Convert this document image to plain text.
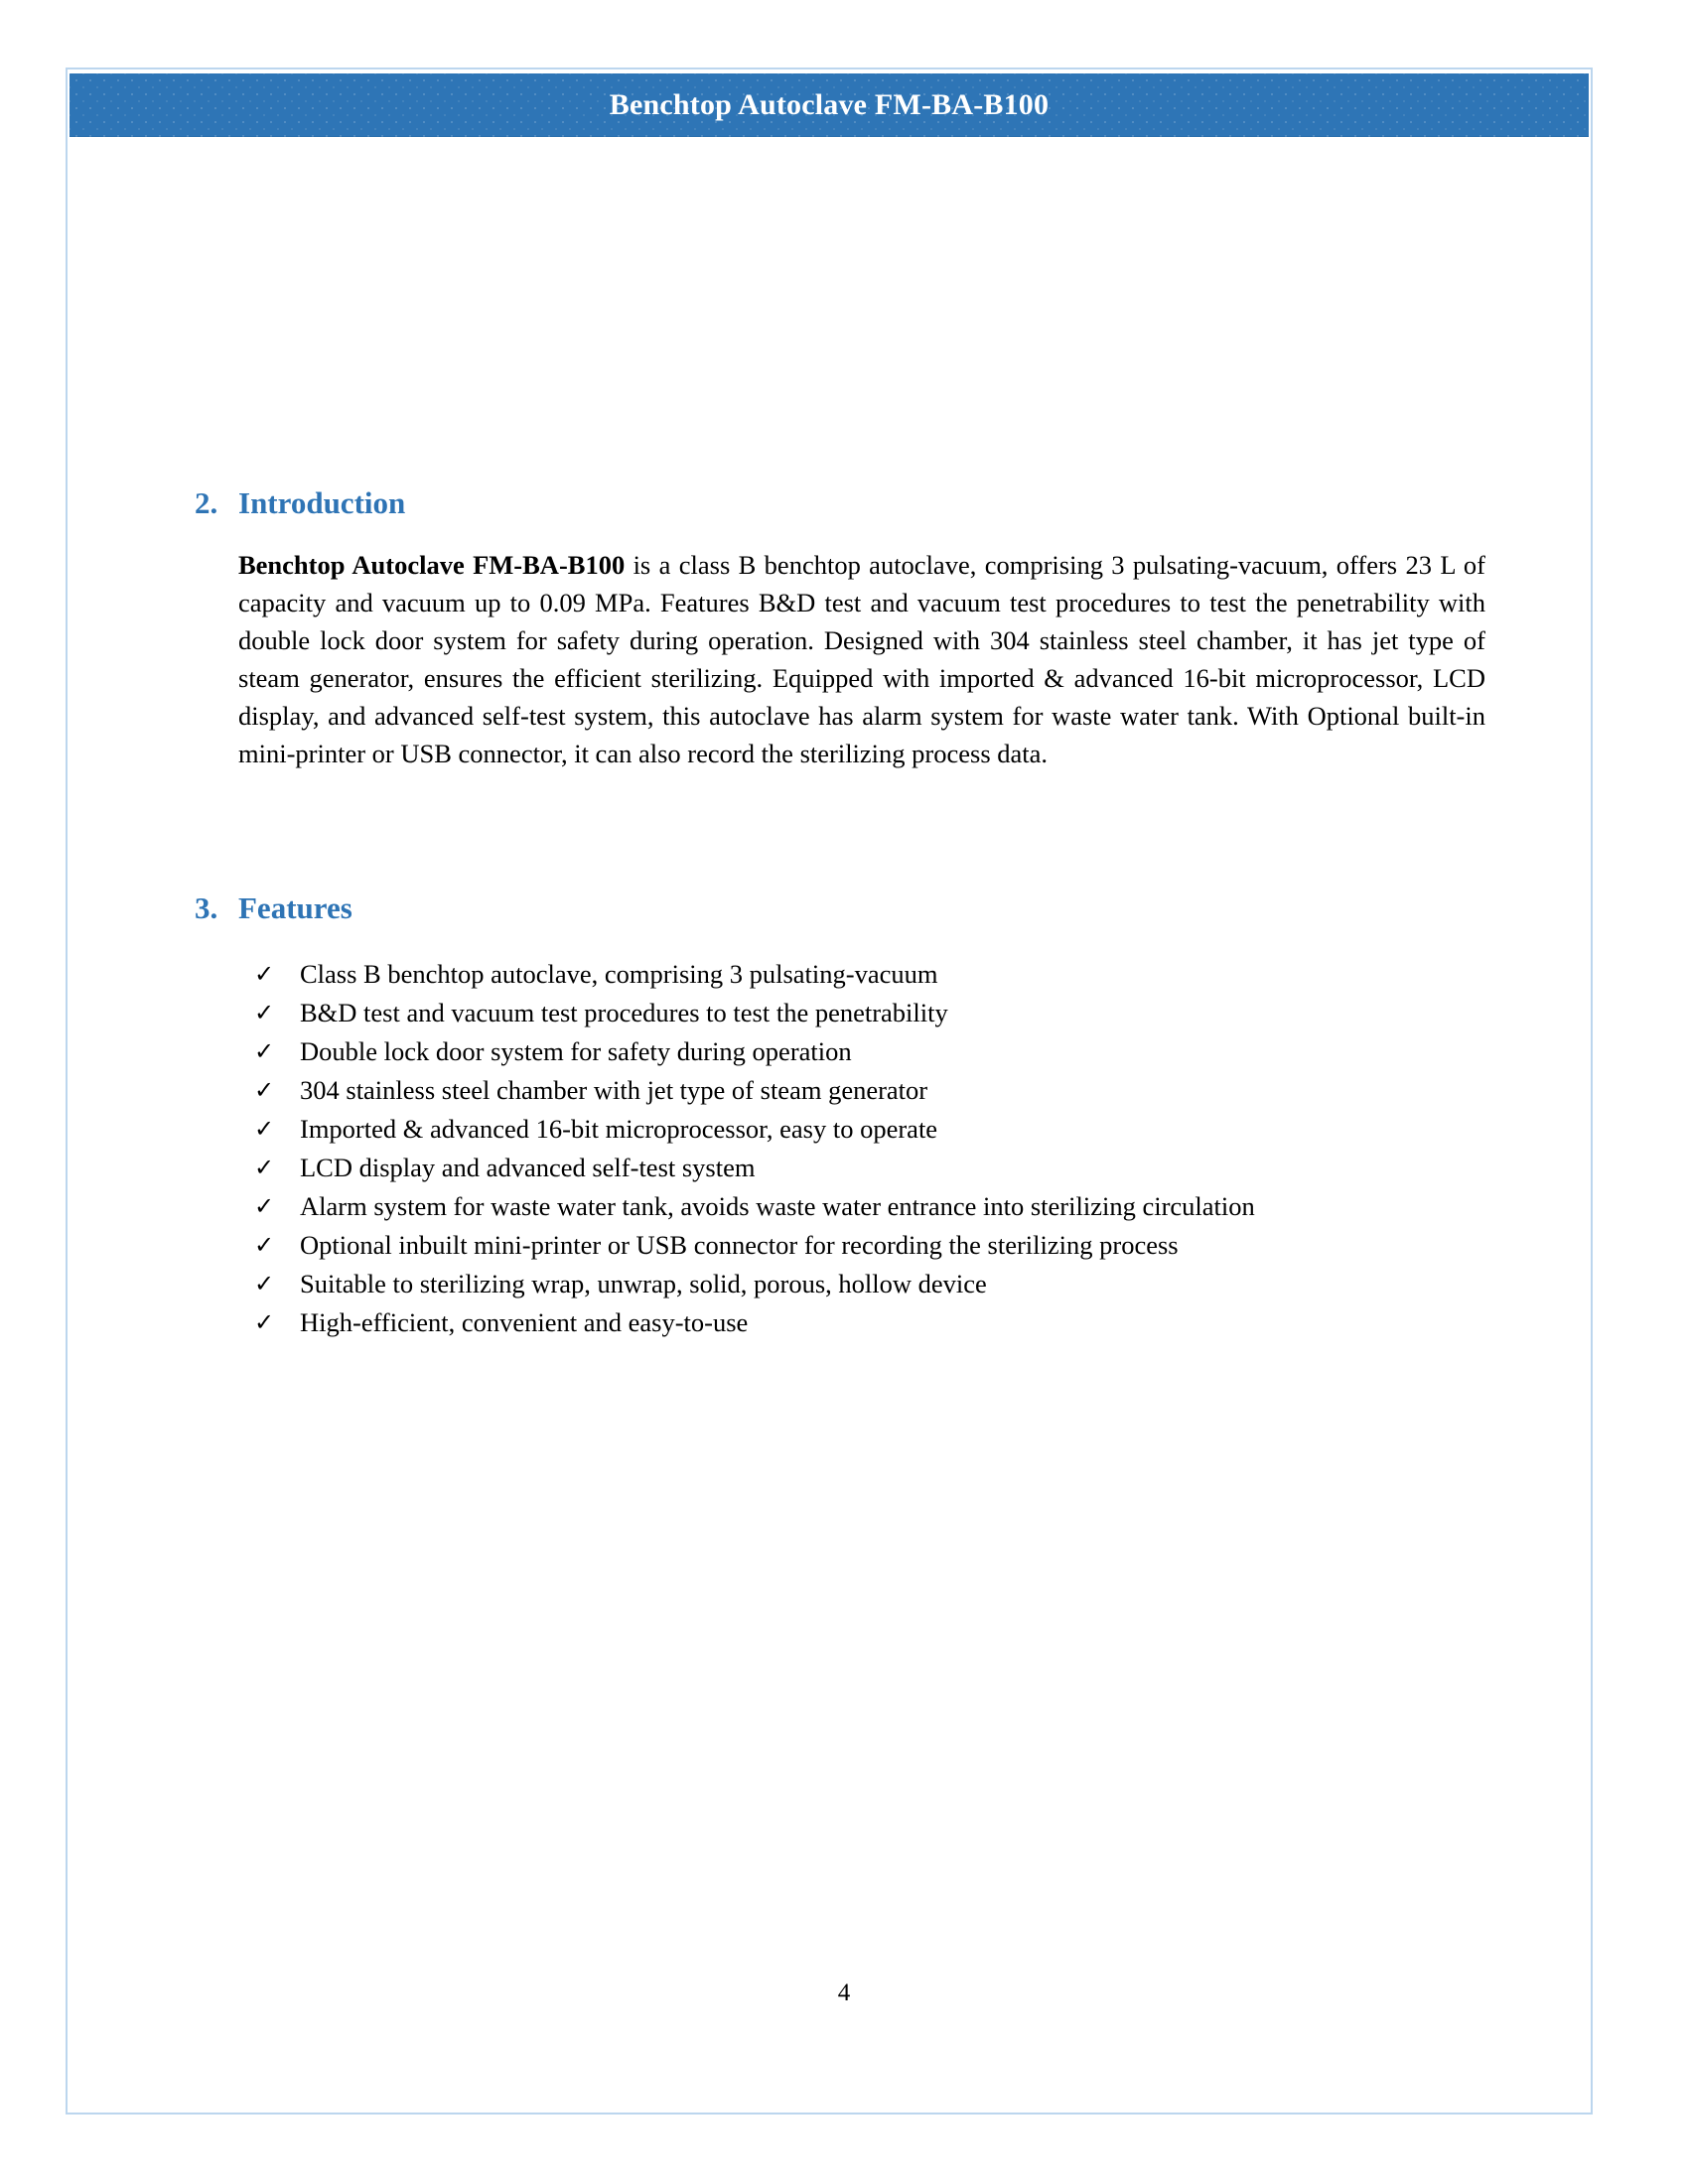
Benchtop Autoclave FM-BA-B100
2. Introduction

Benchtop Autoclave FM-BA-B100 is a class B benchtop autoclave, comprising 3 pulsating-vacuum, offers 23 L of capacity and vacuum up to 0.09 MPa. Features B&D test and vacuum test procedures to test the penetrability with double lock door system for safety during operation. Designed with 304 stainless steel chamber, it has jet type of steam generator, ensures the efficient sterilizing. Equipped with imported & advanced 16-bit microprocessor, LCD display, and advanced self-test system, this autoclave has alarm system for waste water tank. With Optional built-in mini-printer or USB connector, it can also record the sterilizing process data.

3. Features
✓ Class B benchtop autoclave, comprising 3 pulsating-vacuum
✓ B&D test and vacuum test procedures to test the penetrability
✓ Double lock door system for safety during operation
✓ 304 stainless steel chamber with jet type of steam generator
✓ Imported & advanced 16-bit microprocessor, easy to operate
✓ LCD display and advanced self-test system
✓ Alarm system for waste water tank, avoids waste water entrance into sterilizing circulation
✓ Optional inbuilt mini-printer or USB connector for recording the sterilizing process
✓ Suitable to sterilizing wrap, unwrap, solid, porous, hollow device
✓ High-efficient, convenient and easy-to-use
4
